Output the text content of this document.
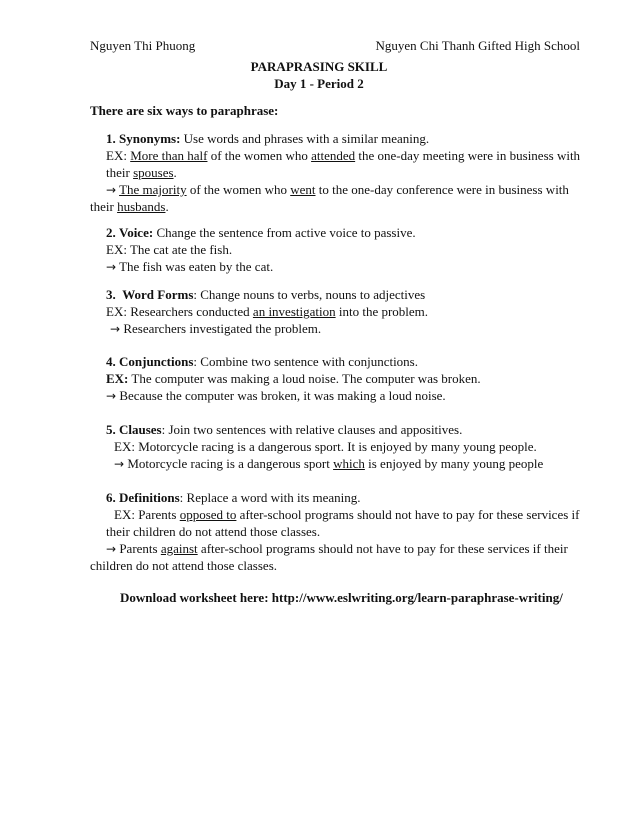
Nguyen Thi Phuong	Nguyen Chi Thanh Gifted High School
PARAPRASING SKILL
Day 1 - Period 2
There are six ways to paraphrase:
1. Synonyms: Use words and phrases with a similar meaning.
EX: More than half of the women who attended the one-day meeting were in business with
their spouses.
→ The majority of the women who went to the one-day conference were in business with
their husbands.
2. Voice: Change the sentence from active voice to passive.
EX: The cat ate the fish.
→ The fish was eaten by the cat.
3. Word Forms: Change nouns to verbs, nouns to adjectives
EX: Researchers conducted an investigation into the problem.
→ Researchers investigated the problem.
4. Conjunctions: Combine two sentence with conjunctions.
EX: The computer was making a loud noise. The computer was broken.
→ Because the computer was broken, it was making a loud noise.
5. Clauses: Join two sentences with relative clauses and appositives.
EX: Motorcycle racing is a dangerous sport. It is enjoyed by many young people.
→ Motorcycle racing is a dangerous sport which is enjoyed by many young people
6. Definitions: Replace a word with its meaning.
EX: Parents opposed to after-school programs should not have to pay for these services if
their children do not attend those classes.
→ Parents against after-school programs should not have to pay for these services if their
children do not attend those classes.
Download worksheet here: http://www.eslwriting.org/learn-paraphrase-writing/
